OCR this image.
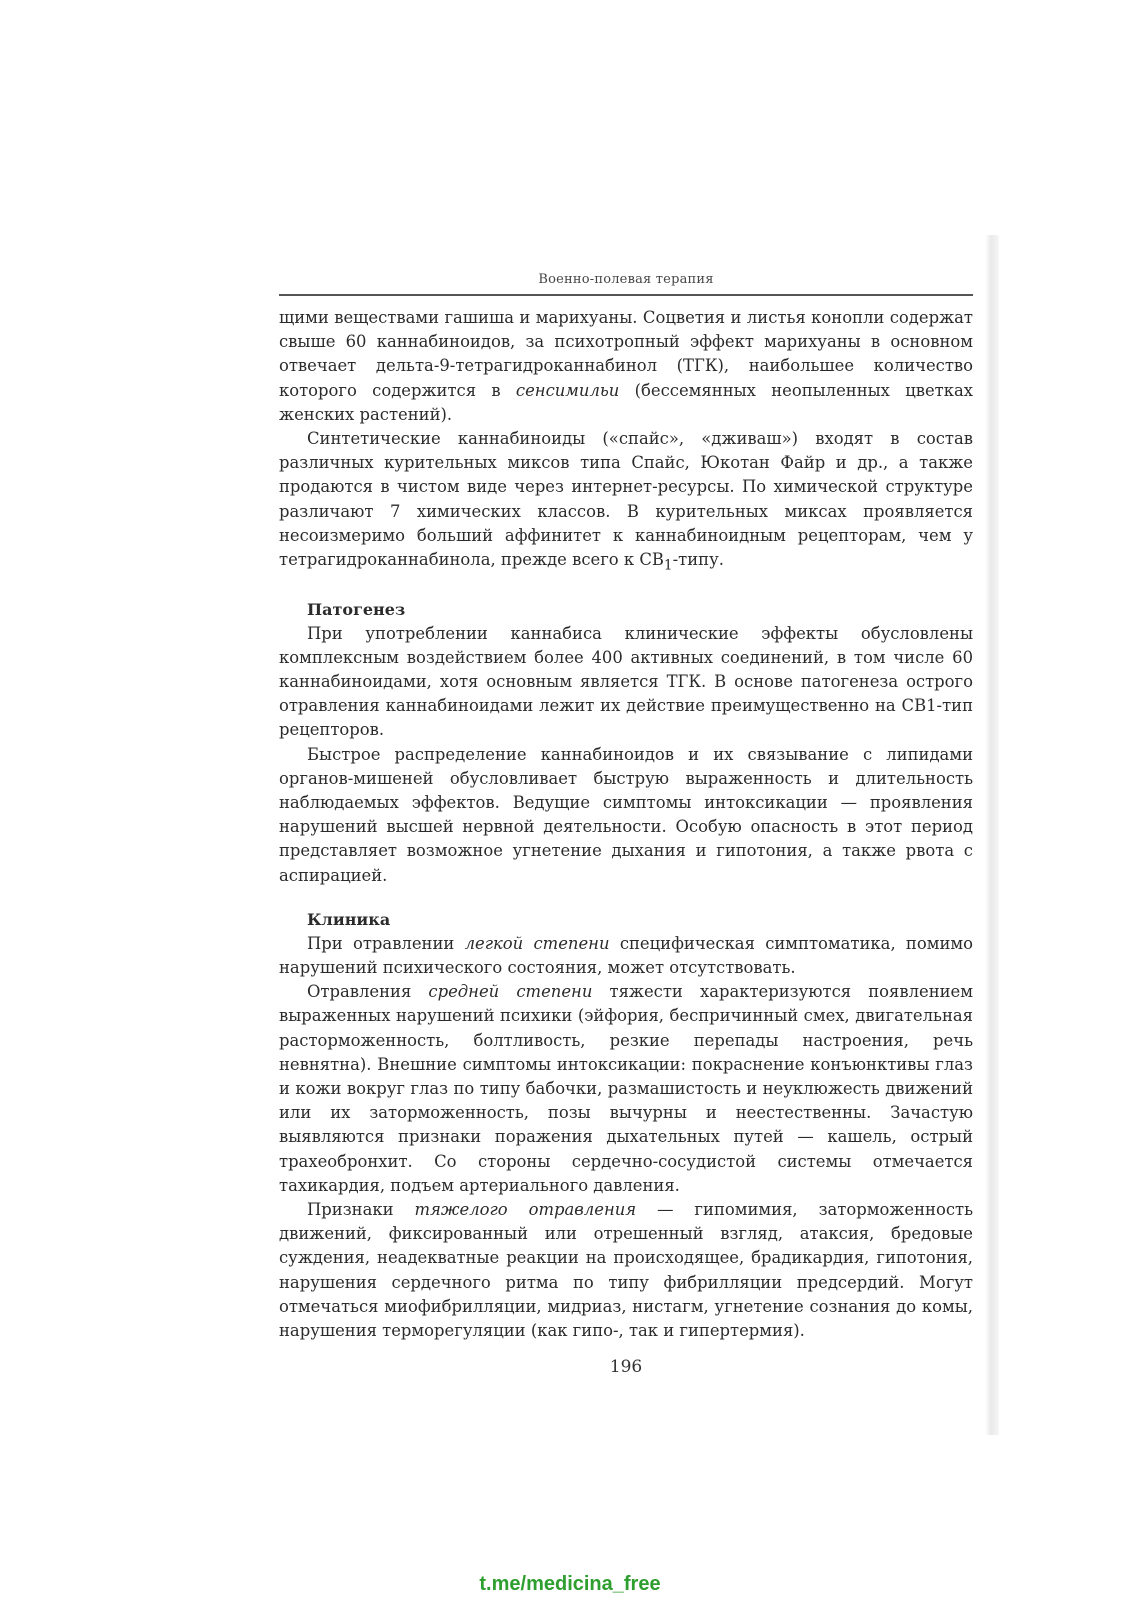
Военно-полевая терапия

щими веществами гашиша и марихуаны. Соцветия и листья конопли содержат свыше 60 каннабиноидов, за психотропный эффект марихуаны в основном отвечает дельта-9-тетрагидроканнабинол (ТГК), наибольшее количество которого содержится в сенсимильи (бессемянных неопыленных цветках женских растений).

Синтетические каннабиноиды («спайс», «дживаш») входят в состав различных курительных миксов типа Спайс, Юкотан Файр и др., а также продаются в чистом виде через интернет-ресурсы. По химической структуре различают 7 химических классов. В курительных миксах проявляется несоизмеримо больший аффинитет к каннабиноидным рецепторам, чем у тетрагидроканнабинола, прежде всего к $СВ_1$-типу.

Патогенез

При употреблении каннабиса клинические эффекты обусловлены комплексным воздействием более 400 активных соединений, в том числе 60 каннабиноидами, хотя основным является ТГК. В основе патогенеза острого отравления каннабиноидами лежит их действие преимущественно на СВ1-тип рецепторов.

Быстрое распределение каннабиноидов и их связывание с липидами органов-мишеней обусловливает быструю выраженность и длительность наблюдаемых эффектов. Ведущие симптомы интоксикации — проявления нарушений высшей нервной деятельности. Особую опасность в этот период представляет возможное угнетение дыхания и гипотония, а также рвота с аспирацией.

Клиника

При отравлении легкой степени специфическая симптоматика, помимо нарушений психического состояния, может отсутствовать.

Отравления средней степени тяжести характеризуются появлением выраженных нарушений психики (эйфория, беспричинный смех, двигательная расторможенность, болтливость, резкие перепады настроения, речь невнятна). Внешние симптомы интоксикации: покраснение конъюнктивы глаз и кожи вокруг глаз по типу бабочки, размашистость и неуклюжесть движений или их заторможенность, позы вычурны и неестественны. Зачастую выявляются признаки поражения дыхательных путей — кашель, острый трахеобронхит. Со стороны сердечно-сосудистой системы отмечается тахикардия, подъем артериального давления.

Признаки тяжелого отравления — гипомимия, заторможенность движений, фиксированный или отрешенный взгляд, атаксия, бредовые суждения, неадекватные реакции на происходящее, брадикардия, гипотония, нарушения сердечного ритма по типу фибрилляции предсердий. Могут отмечаться миофибрилляции, мидриаз, нистагм, угнетение сознания до комы, нарушения терморегуляции (как гипо-, так и гипертермия).

196
t.me/medicina_free
